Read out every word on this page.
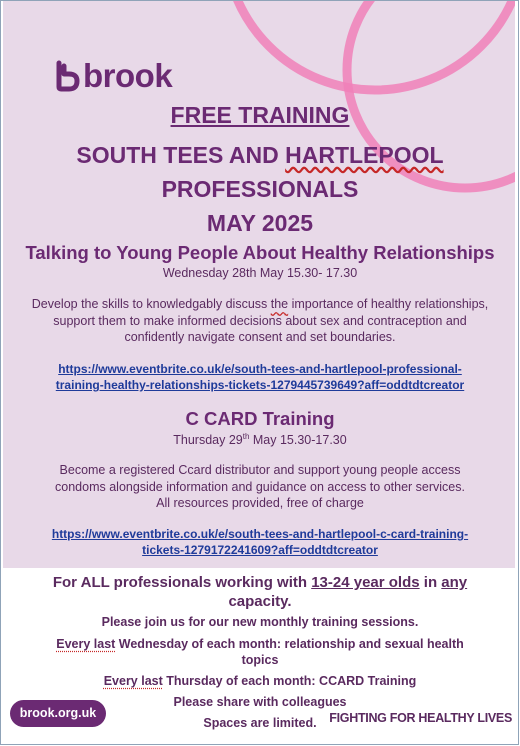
brook
FREE TRAINING
SOUTH TEES AND HARTLEPOOL
PROFESSIONALS
MAY 2025
Talking to Young People About Healthy Relationships
Wednesday 28th May 15.30- 17.30
Develop the skills to knowledgably discuss the importance of healthy relationships, support them to make informed decisions about sex and contraception and confidently navigate consent and set boundaries.
https://www.eventbrite.co.uk/e/south-tees-and-hartlepool-professional-
training-healthy-relationships-tickets-1279445739649?aff=oddtdtcreator
C CARD Training
Thursday 29th May 15.30-17.30
Become a registered Ccard distributor and support young people access
condoms alongside information and guidance on access to other services.
All resources provided, free of charge
https://www.eventbrite.co.uk/e/south-tees-and-hartlepool-c-card-training-
tickets-1279172241609?aff=oddtdtcreator
For ALL professionals working with 13-24 year olds in any
capacity.
Please join us for our new monthly training sessions.
Every last Wednesday of each month: relationship and sexual health
topics
Every last Thursday of each month: CCARD Training
Please share with colleagues
Spaces are limited.
brook.org.uk	FIGHTING FOR HEALTHY LIVES
